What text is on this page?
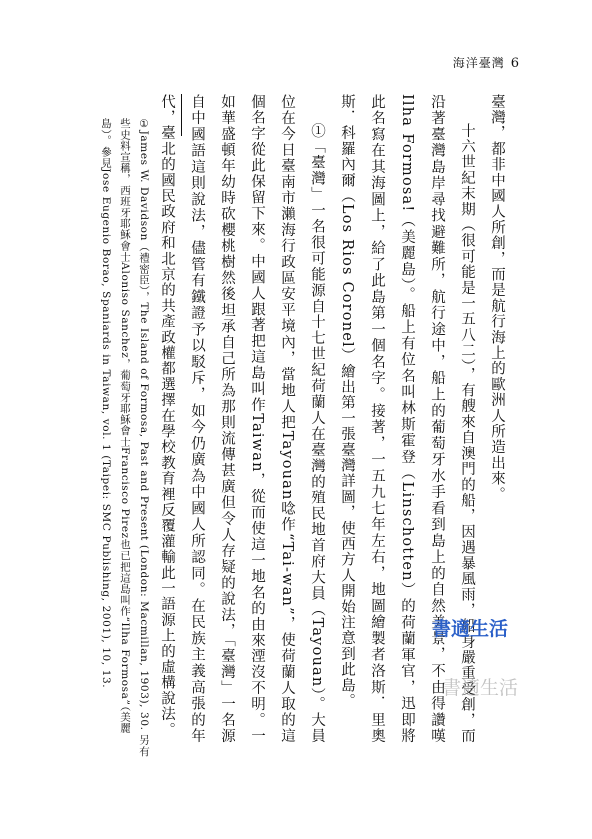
海洋臺灣 6

臺灣，都非中國人所創，而是航行海上的歐洲人所造出來。

十六世紀末期（很可能是一五八二），有艘來自澳門的船，因遇暴風雨，船身嚴重受創，而沿著臺灣島岸尋找避難所，航行途中，船上的葡萄牙水手看到島上的自然美景，不由得讚嘆Ilha Formosa!（美麗島）。船上有位名叫林斯霍登（Linschotten）的荷蘭軍官，迅即將此名寫在其海圖上，給了此島第一個名字。接著，一五九七年左右，地圖繪製者洛斯．里奧斯．科羅內爾（Los Rios Coronel）繪出第一張臺灣詳圖，使西方人開始注意到此島。

①「臺灣」一名很可能源自十七世紀荷蘭人在臺灣的殖民地首府大員（Tayouan）。大員位在今日臺南市瀨海行政區安平境內，當地人把Tayouan唸作“Tai-wan”，使荷蘭人取的這個名字從此保留下來。中國人跟著把這島叫作Taiwan，從而使這一地名的由來湮沒不明。一如華盛頓年幼時砍櫻桃樹然後坦承自己所為那則流傳甚廣但令人存疑的說法，「臺灣」一名源自中國語這則說法，儘管有鐵證予以駁斥，如今仍廣為中國人所認同。在民族主義高張的年代，臺北的國民政府和北京的共產政權都選擇在學校教育裡反覆灌輸此一語源上的虛構說法。

①James W. Davidson（禮密臣），The Island of Formosa, Past and Present (London: Macmillan, 1903), 30. 另有些史料宣稱，西班牙耶穌會士Aloniso Sanchez，葡萄牙耶穌會士Francisco Pirez也已把這島叫作“Ilha Formosa”（美麗島）。參見Jose Eugenio Borao, Spaniards in Taiwan, vol. 1 (Taipei: SMC Publishing, 2001), 10, 13.	書適生活
書適生活
